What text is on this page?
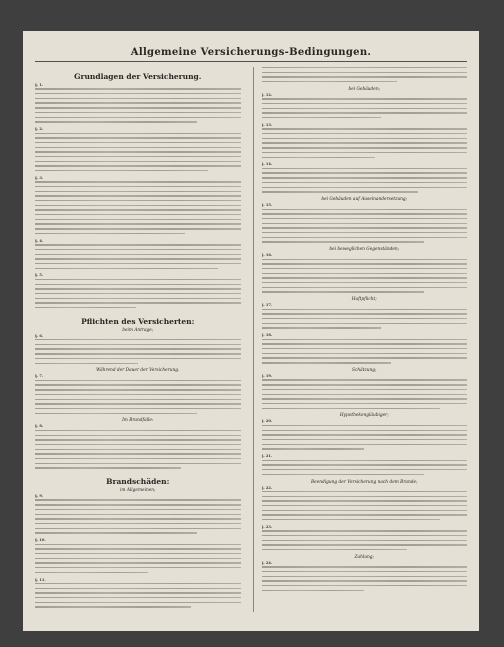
Allgemeine Versicherungs-Bedingungen.
Grundlagen der Versicherung.
§. 1.
§. 2.
§. 3.
§. 4.
§. 5.
Pflichten des Versicherten:
beim Antrage;
§. 6.
Während der Dauer der Versicherung.
§. 7.
Im Brandfalle:
§. 8.
Brandschäden:
im Allgemeinen;
§. 9.
§. 10.
§. 11.
bei Gebäuden;
§. 12.
§. 13.
§. 14.
bei Gebäuden auf Auseinandersetzung;
§. 15.
bei beweglichen Gegenständen;
§. 16.
Haftpflicht;
§. 17.
§. 18.
Schätzung;
§. 19.
Hypothekengläubiger;
§. 20.
§. 21.
Beendigung der Versicherung nach dem Brande;
§. 22.
§. 23.
Zahlung;
§. 24.
